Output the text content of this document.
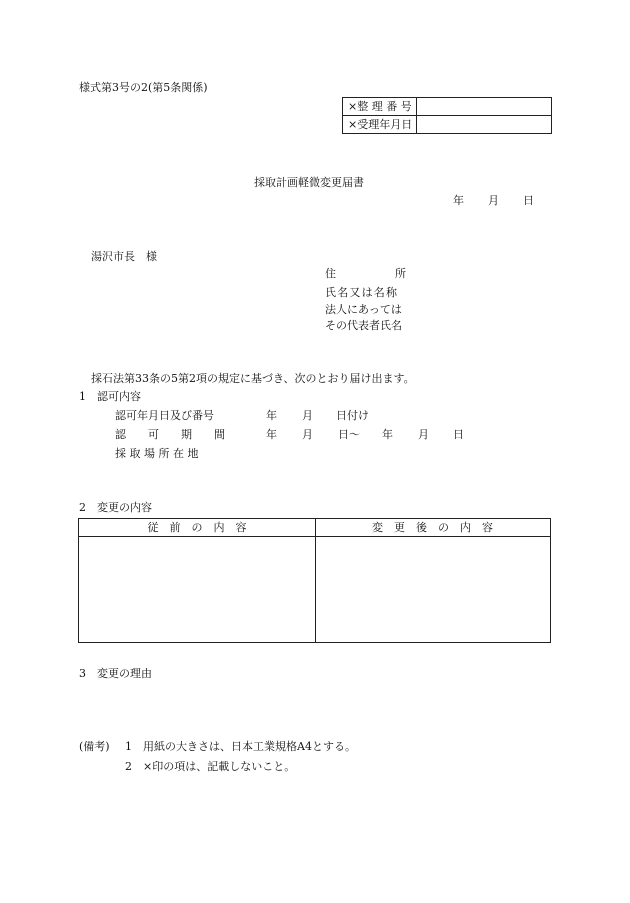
様式第3号の2(第5条関係)
×整 理 番 号	
×受理年月日	
採取計画軽微変更届書
年 月 日
湯沢市長　様
住	所
氏名又は名称
法人にあっては
その代表者氏名
採石法第33条の5第2項の規定に基づき、次のとおり届け出ます。
1　認可内容
認可年月日及び番号	年 月 日付け
認　　可　　期　　間	年 月 日～ 年 月 日
採 取 場 所 在 地
2　変更の内容
従　前　の　内　容	変　更　後　の　内　容
3　変更の理由
(備考) 1 用紙の大きさは、日本工業規格A4とする。
2 ×印の項は、記載しないこと。
